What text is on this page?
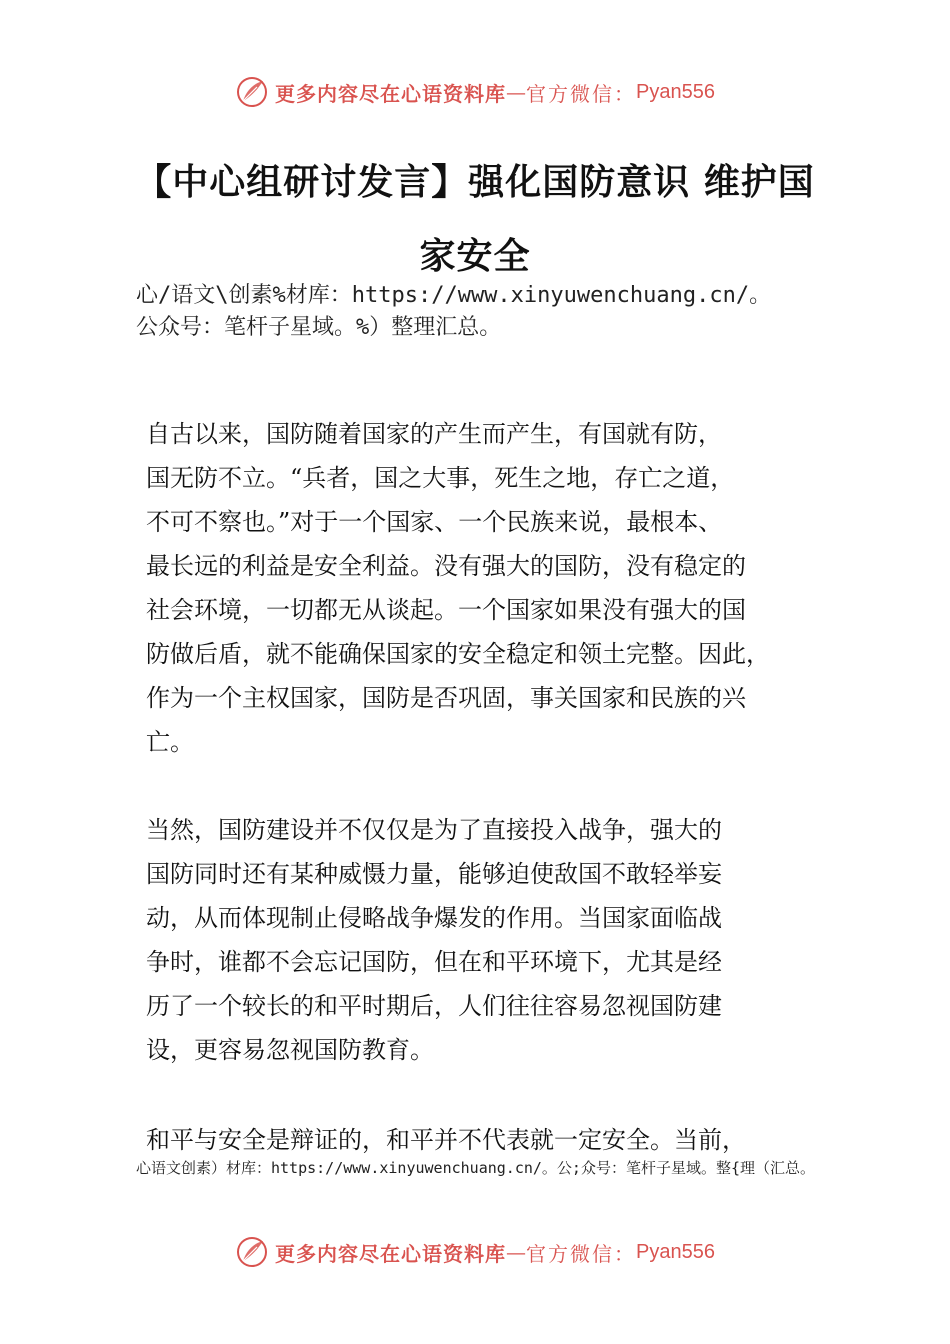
更多内容尽在心语资料库 — 官方微信： Pyan556
【中心组研讨发言】强化国防意识 维护国
家安全
心/语文\创素%材库：https://www.xinyuwenchuang.cn/。
公众号：笔杆子星域。%）整理汇总。
自古以来，国防随着国家的产生而产生，有国就有防，
国无防不立。“兵者，国之大事，死生之地，存亡之道，
不可不察也。”对于一个国家、一个民族来说，最根本、
最长远的利益是安全利益。没有强大的国防，没有稳定的
社会环境，一切都无从谈起。一个国家如果没有强大的国
防做后盾，就不能确保国家的安全稳定和领土完整。因此，
作为一个主权国家，国防是否巩固，事关国家和民族的兴
亡。
当然，国防建设并不仅仅是为了直接投入战争，强大的
国防同时还有某种威慑力量，能够迫使敌国不敢轻举妄
动，从而体现制止侵略战争爆发的作用。当国家面临战
争时，谁都不会忘记国防，但在和平环境下，尤其是经
历了一个较长的和平时期后，人们往往容易忽视国防建
设，更容易忽视国防教育。
和平与安全是辩证的，和平并不代表就一定安全。当前，
心语文创素）材库：https://www.xinyuwenchuang.cn/。公;众号：笔杆子星域。整{理（汇总。
更多内容尽在心语资料库 — 官方微信： Pyan556
